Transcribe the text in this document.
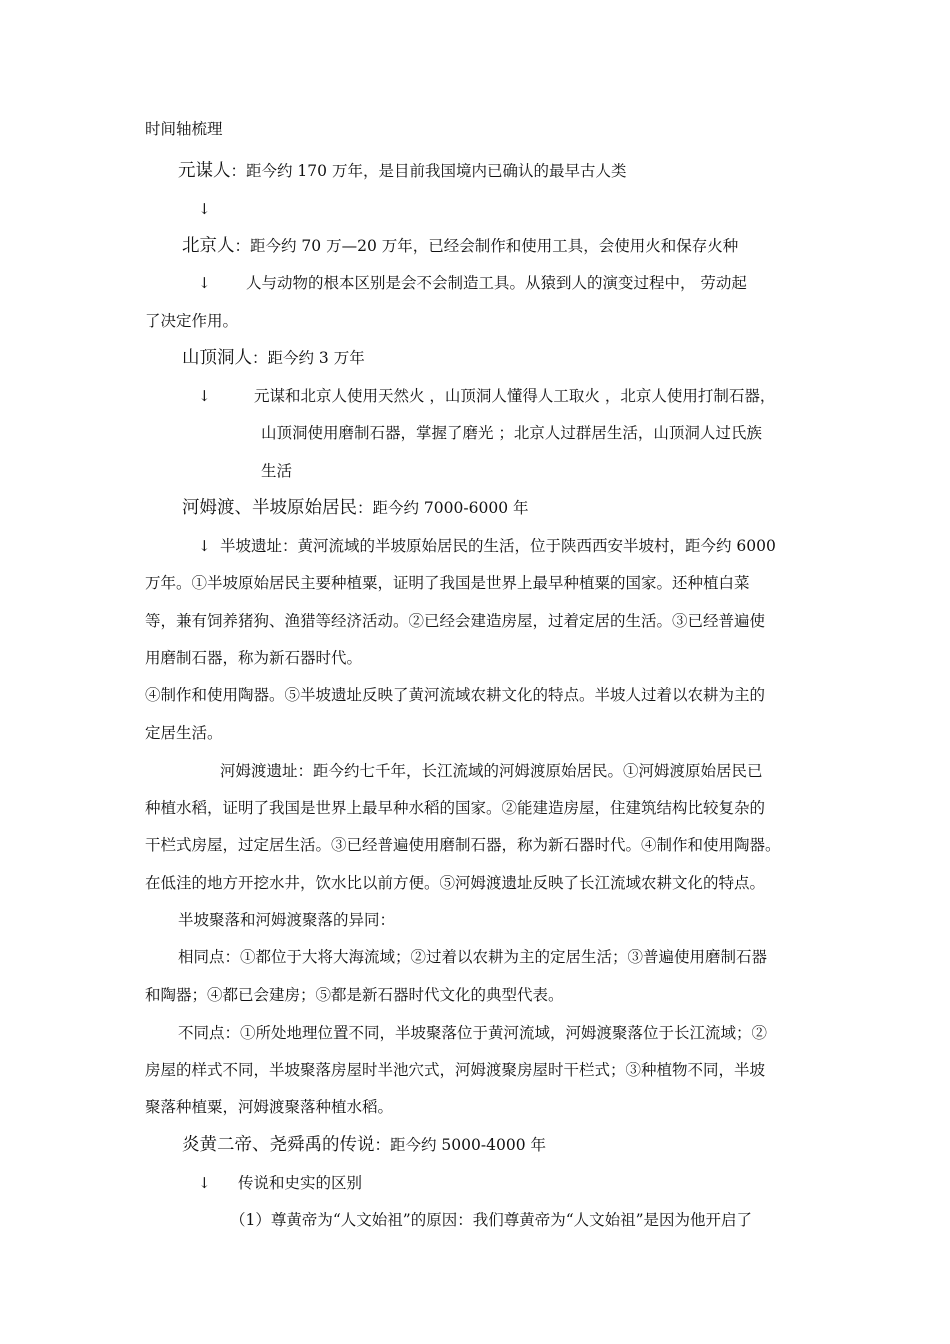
时间轴梳理
元谋人：距今约 170 万年，是目前我国境内已确认的最早古人类
↓
北京人：距今约 70 万—20 万年，已经会制作和使用工具，会使用火和保存火种
↓ 人与动物的根本区别是会不会制造工具。从猿到人的演变过程中， 劳动起
了决定作用。
山顶洞人：距今约 3 万年
↓	元谋和北京人使用天然火 ，山顶洞人懂得人工取火 ，北京人使用打制石器，
山顶洞使用磨制石器，掌握了磨光 ；北京人过群居生活，山顶洞人过氏族
生活
河姆渡、半坡原始居民：距今约 7000-6000 年
↓ 半坡遗址：黄河流域的半坡原始居民的生活，位于陕西西安半坡村，距今约 6000
万年。①半坡原始居民主要种植粟，证明了我国是世界上最早种植粟的国家。还种植白菜
等，兼有饲养猪狗、渔猎等经济活动。②已经会建造房屋，过着定居的生活。③已经普遍使
用磨制石器，称为新石器时代。
④制作和使用陶器。⑤半坡遗址反映了黄河流域农耕文化的特点。半坡人过着以农耕为主的
定居生活。
河姆渡遗址：距今约七千年，长江流域的河姆渡原始居民。①河姆渡原始居民已
种植水稻，证明了我国是世界上最早种水稻的国家。②能建造房屋，住建筑结构比较复杂的
干栏式房屋，过定居生活。③已经普遍使用磨制石器，称为新石器时代。④制作和使用陶器。
在低洼的地方开挖水井，饮水比以前方便。⑤河姆渡遗址反映了长江流域农耕文化的特点。
半坡聚落和河姆渡聚落的异同：
相同点：①都位于大将大海流域；②过着以农耕为主的定居生活；③普遍使用磨制石器
和陶器；④都已会建房；⑤都是新石器时代文化的典型代表。
不同点：①所处地理位置不同，半坡聚落位于黄河流域，河姆渡聚落位于长江流域；②
房屋的样式不同，半坡聚落房屋时半池穴式，河姆渡聚房屋时干栏式；③种植物不同，半坡
聚落种植粟，河姆渡聚落种植水稻。
炎黄二帝、尧舜禹的传说：距今约 5000-4000 年
↓ 传说和史实的区别
（1）尊黄帝为“人文始祖”的原因：我们尊黄帝为“人文始祖”是因为他开启了
